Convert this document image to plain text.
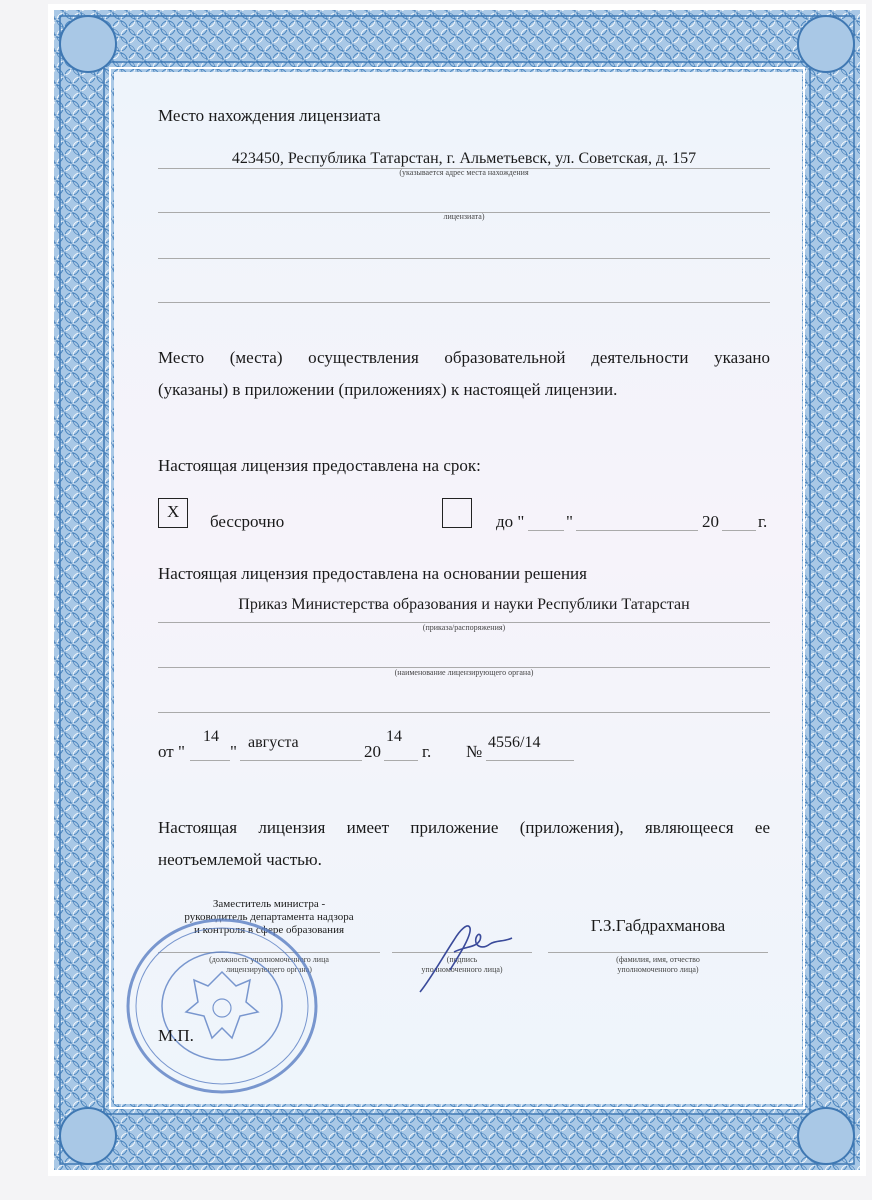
Место нахождения лицензиата
423450, Республика Татарстан, г. Альметьевск, ул. Советская, д. 157
(указывается адрес места нахождения
лицензиата)
Место (места) осуществления образовательной деятельности указано
(указаны) в приложении (приложениях) к настоящей лицензии.
Настоящая лицензия предоставлена на срок:
Х
бессрочно	до " "	20 г.
Настоящая лицензия предоставлена на основании решения
Приказ Министерства образования и науки Республики Татарстан
(приказа/распоряжения)
(наименование лицензирующего органа)
от "
14
" августа	20
14
г. № 4556/14
Настоящая лицензия имеет приложение (приложения), являющееся ее
неотъемлемой частью.
Заместитель министра -
руководитель департамента надзора
и контроля в сфере образования
(должность уполномоченного лица
лицензирующего органа)
(подпись
уполномоченного лица)
Г.З.Габдрахманова
(фамилия, имя, отчество
уполномоченного лица)
М.П.
